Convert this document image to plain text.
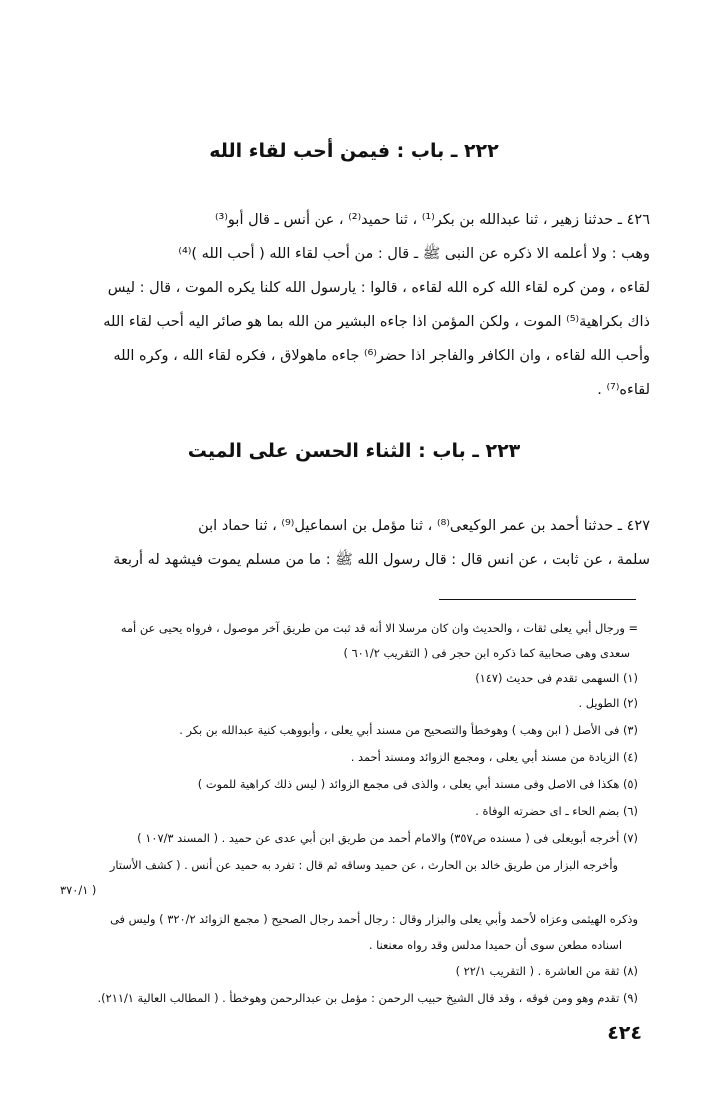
٢٢٢ ـ باب : فيمن أحب لقاء الله
٤٢٦ ـ حدثنا زهير ، ثنا عبدالله بن بكر⁽¹⁾ ، ثنا حميد⁽²⁾ ، عن أنس ـ قال أبو⁽³⁾
وهب : ولا أعلمه الا ذكره عن النبى ﷺ ـ قال : من أحب لقاء الله ( أحب الله )⁽⁴⁾
لقاءه ، ومن كره لقاء الله كره الله لقاءه ، قالوا : يارسول الله كلنا يكره الموت ، قال : ليس
ذاك بكراهية⁽⁵⁾ الموت ، ولكن المؤمن اذا جاءه البشير من الله بما هو صائر اليه أحب لقاء الله
وأحب الله لقاءه ، وان الكافر والفاجر اذا حضر⁽⁶⁾ جاءه ماهولاق ، فكره لقاء الله ، وكره الله
لقاءه⁽⁷⁾ .
٢٢٣ ـ باب : الثناء الحسن على الميت
٤٢٧ ـ حدثنا أحمد بن عمر الوكيعى⁽⁸⁾ ، ثنا مؤمل بن اسماعيل⁽⁹⁾ ، ثنا حماد ابن
سلمة ، عن ثابت ، عن انس قال : قال رسول الله ﷺ : ما من مسلم يموت فيشهد له أربعة
= ورجال أبي يعلى ثقات ، والحديث وان كان مرسلا الا أنه قد ثبت من طريق آخر موصول ، فرواه يحيى عن أمه
سعدى وهى صحابية كما ذكره ابن حجر فى ( التقريب ٦٠١/٢ )
(١) السهمى تقدم فى حديث (١٤٧)
(٢) الطويل .
(٣) فى الأصل ( ابن وهب ) وهوخطأ والتصحيح من مسند أبي يعلى ، وأبووهب كنية عبدالله بن بكر .
(٤) الزيادة من مسند أبي يعلى ، ومجمع الزوائد ومسند أحمد .
(٥) هكذا فى الاصل وفى مسند أبي يعلى ، والذى فى مجمع الزوائد ( ليس ذلك كراهية للموت )
(٦) بضم الحاء ـ اى حضرته الوفاة .
(٧) أخرجه أبويعلى فى ( مسنده ص٣٥٧) والامام أحمد من طريق ابن أبي عدى عن حميد . ( المسند ١٠٧/٣ )
وأخرجه البزار من طريق خالد بن الحارث ، عن حميد وساقه ثم قال : تفرد به حميد عن أنس . ( كشف الأستار
٣٧٠/١ )
وذكره الهيثمى وعزاه لأحمد وأبي يعلى والبزار وقال : رجال أحمد رجال الصحيح ( مجمع الزوائد ٣٢٠/٢ ) وليس فى
اسناده مطعن سوى أن حميدا مدلس وقد رواه معنعنا .
(٨) ثقة من العاشرة . ( التقريب ٢٢/١ )
(٩) تقدم وهو ومن فوقه ، وقد قال الشيخ حبيب الرحمن : مؤمل بن عبدالرحمن وهوخطأ . ( المطالب العالية ٢١١/١).
٤٢٤
